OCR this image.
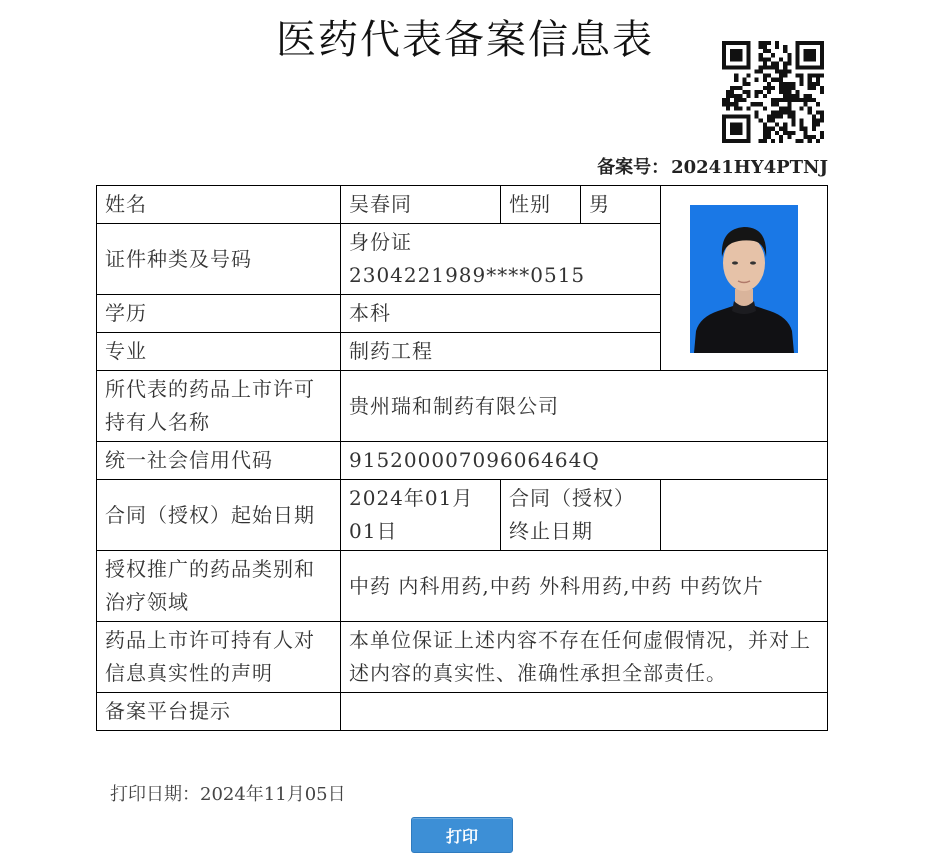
医药代表备案信息表
备案号： 20241HY4PTNJ
姓名	吴春同	性别	男	

证件种类及号码	身份证 2304221989****0515			
学历	本科			
专业	制药工程			
所代表的药品上市许可持有人名称	贵州瑞和制药有限公司			
统一社会信用代码	91520000709606464Q			
合同（授权）起始日期	2024年01月01日	合同（授权）终止日期		
授权推广的药品类别和治疗领域	中药 内科用药,中药 外科用药,中药 中药饮片			
药品上市许可持有人对信息真实性的声明	本单位保证上述内容不存在任何虚假情况，并对上述内容的真实性、准确性承担全部责任。			
备案平台提示				
打印日期：2024年11月05日
打印
